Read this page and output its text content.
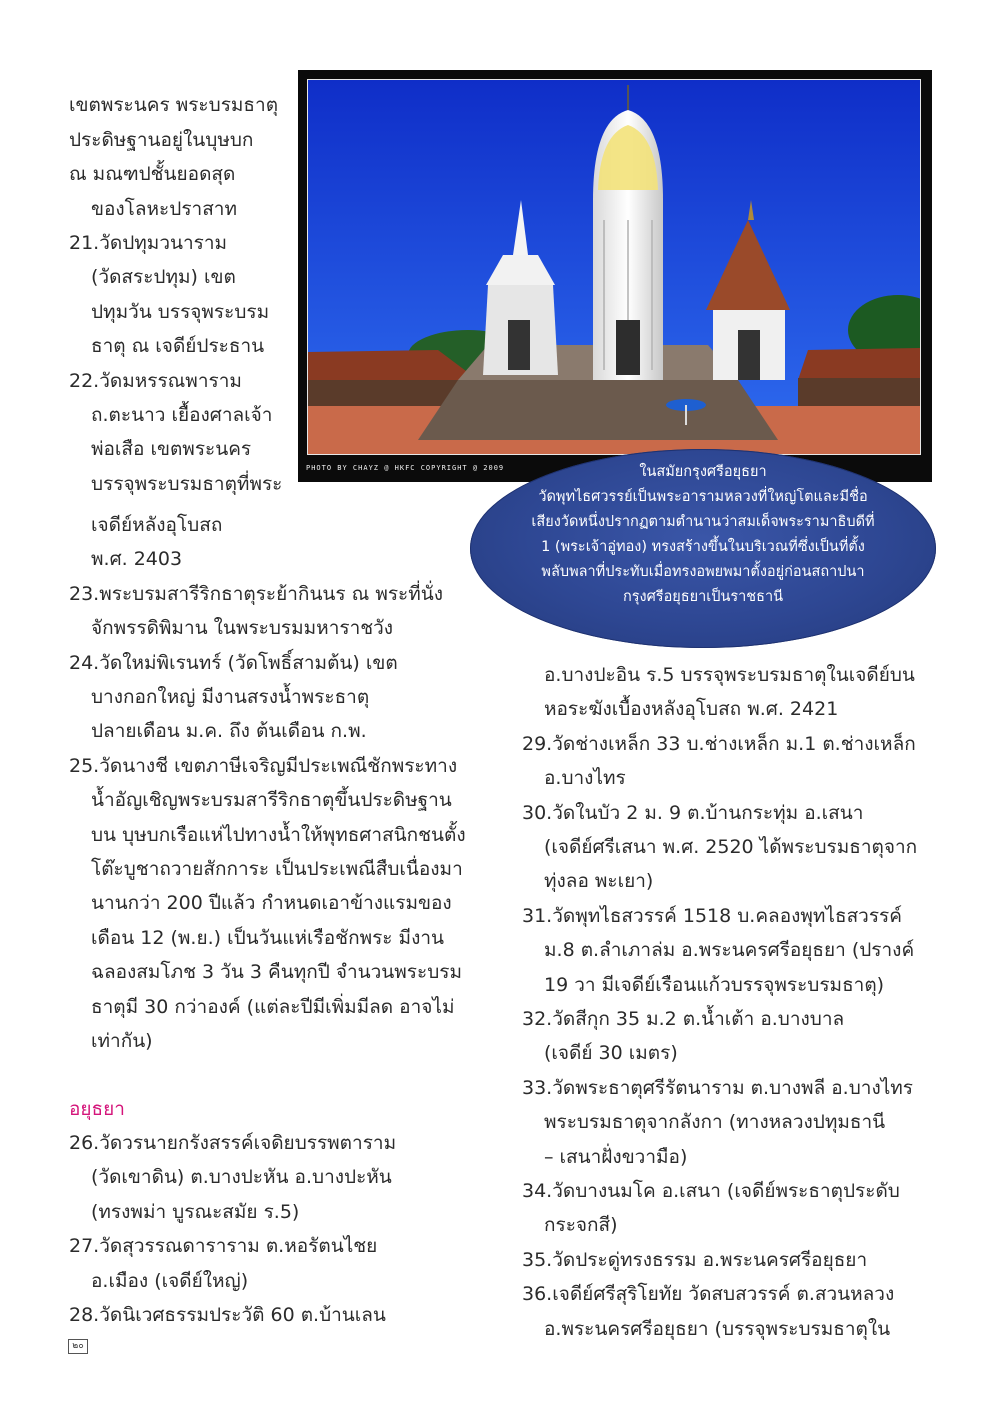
เขตพระนคร พระบรมธาตุ
ประดิษฐานอยู่ในบุษบก
ณ มณฑปชั้นยอดสุด
ของโลหะปราสาท
21.วัดปทุมวนาราม
(วัดสระปทุม) เขต
ปทุมวัน บรรจุพระบรม
ธาตุ ณ เจดีย์ประธาน
22.วัดมหรรณพาราม
ถ.ตะนาว เยื้องศาลเจ้า
พ่อเสือ เขตพระนคร
บรรจุพระบรมธาตุที่พระ
เจดีย์หลังอุโบสถ
พ.ศ. 2403
23.พระบรมสารีริกธาตุระย้ากินนร ณ พระที่นั่ง
จักพรรดิพิมาน ในพระบรมมหาราชวัง
24.วัดใหม่พิเรนทร์ (วัดโพธิ์สามต้น) เขต
บางกอกใหญ่ มีงานสรงน้ำพระธาตุ
ปลายเดือน ม.ค. ถึง ต้นเดือน ก.พ.
25.วัดนางชี เขตภาษีเจริญมีประเพณีชักพระทาง
น้ำอัญเชิญพระบรมสารีริกธาตุขึ้นประดิษฐาน
บน บุษบกเรือแห่ไปทางน้ำให้พุทธศาสนิกชนตั้ง
โต๊ะบูชาถวายสักการะ เป็นประเพณีสืบเนื่องมา
นานกว่า 200 ปีแล้ว กำหนดเอาข้างแรมของ
เดือน 12 (พ.ย.) เป็นวันแห่เรือชักพระ มีงาน
ฉลองสมโภช 3 วัน 3 คืนทุกปี จำนวนพระบรม
ธาตุมี 30 กว่าองค์ (แต่ละปีมีเพิ่มมีลด อาจไม่
เท่ากัน)
อยุธยา
26.วัดวรนายกรังสรรค์เจดิยบรรพตาราม
(วัดเขาดิน) ต.บางปะหัน อ.บางปะหัน
(ทรงพม่า บูรณะสมัย ร.5)
27.วัดสุวรรณดาราราม ต.หอรัตนไชย
อ.เมือง (เจดีย์ใหญ่)
28.วัดนิเวศธรรมประวัติ 60 ต.บ้านเลน
PHOTO BY CHAYZ @ HKFC COPYRIGHT @ 2009	ในสมัยกรุงศรีอยุธยา
วัดพุทไธศวรรย์เป็นพระอารามหลวงที่ใหญ่โตและมีชื่อ
เสียงวัดหนึ่งปรากฏตามตำนานว่าสมเด็จพระรามาธิบดีที่
1 (พระเจ้าอู่ทอง) ทรงสร้างขึ้นในบริเวณที่ซึ่งเป็นที่ตั้ง
พลับพลาที่ประทับเมื่อทรงอพยพมาตั้งอยู่ก่อนสถาปนา
กรุงศรีอยุธยาเป็นราชธานี
อ.บางปะอิน ร.5 บรรจุพระบรมธาตุในเจดีย์บน
หอระฆังเบื้องหลังอุโบสถ พ.ศ. 2421
29.วัดช่างเหล็ก 33 บ.ช่างเหล็ก ม.1 ต.ช่างเหล็ก
อ.บางไทร
30.วัดในบัว 2 ม. 9 ต.บ้านกระทุ่ม อ.เสนา
(เจดีย์ศรีเสนา พ.ศ. 2520 ได้พระบรมธาตุจาก
ทุ่งลอ พะเยา)
31.วัดพุทไธสวรรค์ 1518 บ.คลองพุทไธสวรรค์
ม.8 ต.ลำเภาล่ม อ.พระนครศรีอยุธยา (ปรางค์
19 วา มีเจดีย์เรือนแก้วบรรจุพระบรมธาตุ)
32.วัดสีกุก 35 ม.2 ต.น้ำเต้า อ.บางบาล
(เจดีย์ 30 เมตร)
33.วัดพระธาตุศรีรัตนาราม ต.บางพลี อ.บางไทร
พระบรมธาตุจากลังกา (ทางหลวงปทุมธานี
– เสนาฝั่งขวามือ)
34.วัดบางนมโค อ.เสนา (เจดีย์พระธาตุประดับ
กระจกสี)
35.วัดประดู่ทรงธรรม อ.พระนครศรีอยุธยา
36.เจดีย์ศรีสุริโยทัย วัดสบสวรรค์ ต.สวนหลวง
อ.พระนครศรีอยุธยา (บรรจุพระบรมธาตุใน
๒๐
